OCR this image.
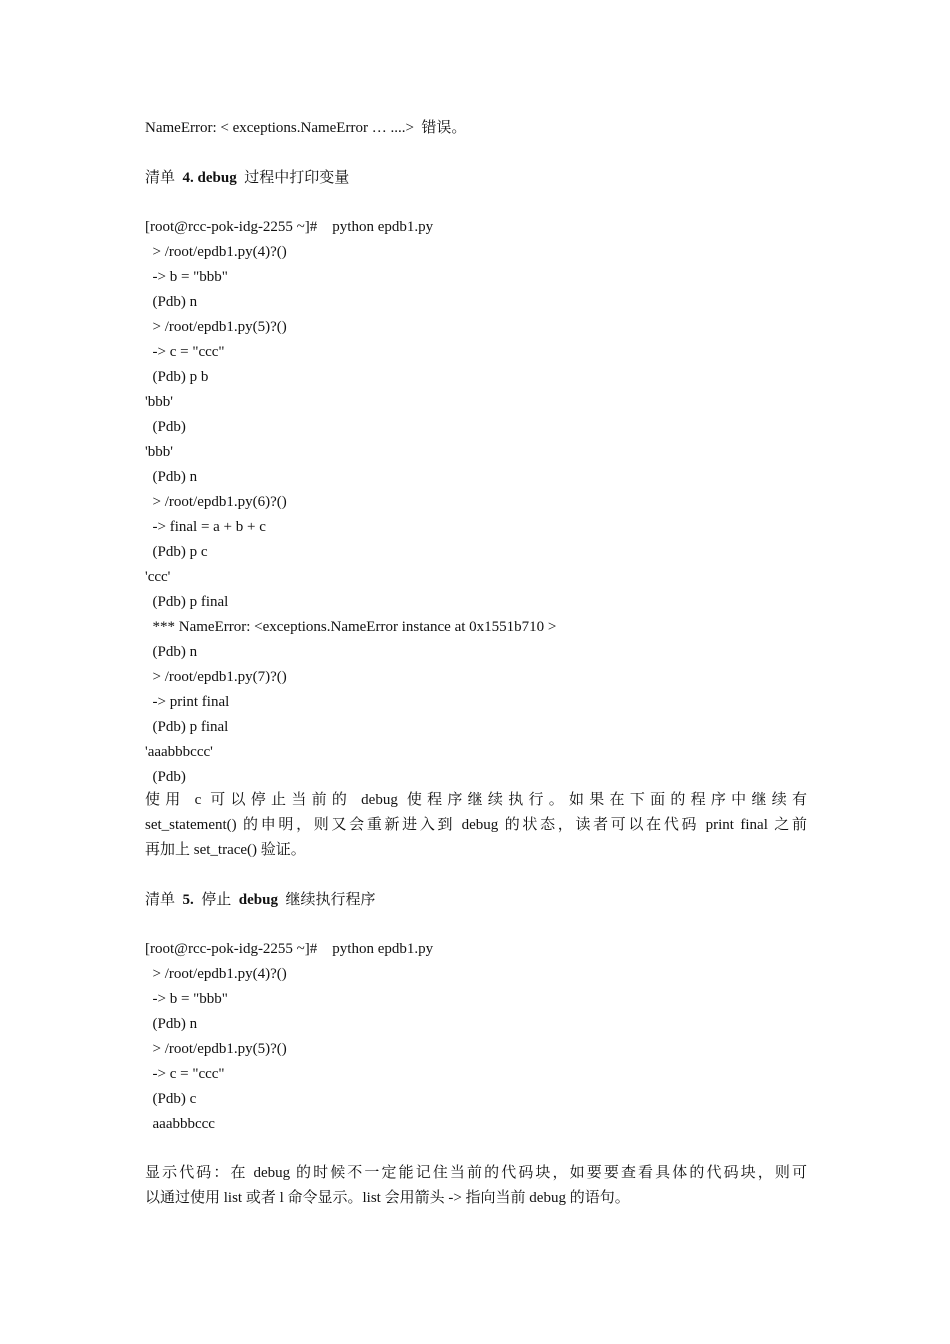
NameError: < exceptions.NameError … ....>  错误。

清单  4. debug  过程中打印变量

[root@rcc-pok-idg-2255 ~]#    python epdb1.py
> /root/epdb1.py(4)?()
-> b = "bbb"
(Pdb) n
> /root/epdb1.py(5)?()
-> c = "ccc"
(Pdb) p b
'bbb'
(Pdb)
'bbb'
(Pdb) n
> /root/epdb1.py(6)?()
-> final = a + b + c
(Pdb) p c
'ccc'
(Pdb) p final
*** NameError: <exceptions.NameError instance at 0x1551b710 >
(Pdb) n
> /root/epdb1.py(7)?()
-> print final
(Pdb) p final
'aaabbbccc'
(Pdb)
使用 c 可以停止当前的 debug 使程序继续执行。如果在下面的程序中继续有
set_statement() 的申明，则又会重新进入到 debug 的状态，读者可以在代码 print final 之前
再加上 set_trace() 验证。

清单  5.  停止  debug  继续执行程序

[root@rcc-pok-idg-2255 ~]#    python epdb1.py
> /root/epdb1.py(4)?()
-> b = "bbb"
(Pdb) n
> /root/epdb1.py(5)?()
-> c = "ccc"
(Pdb) c
aaabbbccc
显示代码：在 debug 的时候不一定能记住当前的代码块，如要要查看具体的代码块，则可
以通过使用 list 或者 l 命令显示。list 会用箭头 -> 指向当前 debug 的语句。
